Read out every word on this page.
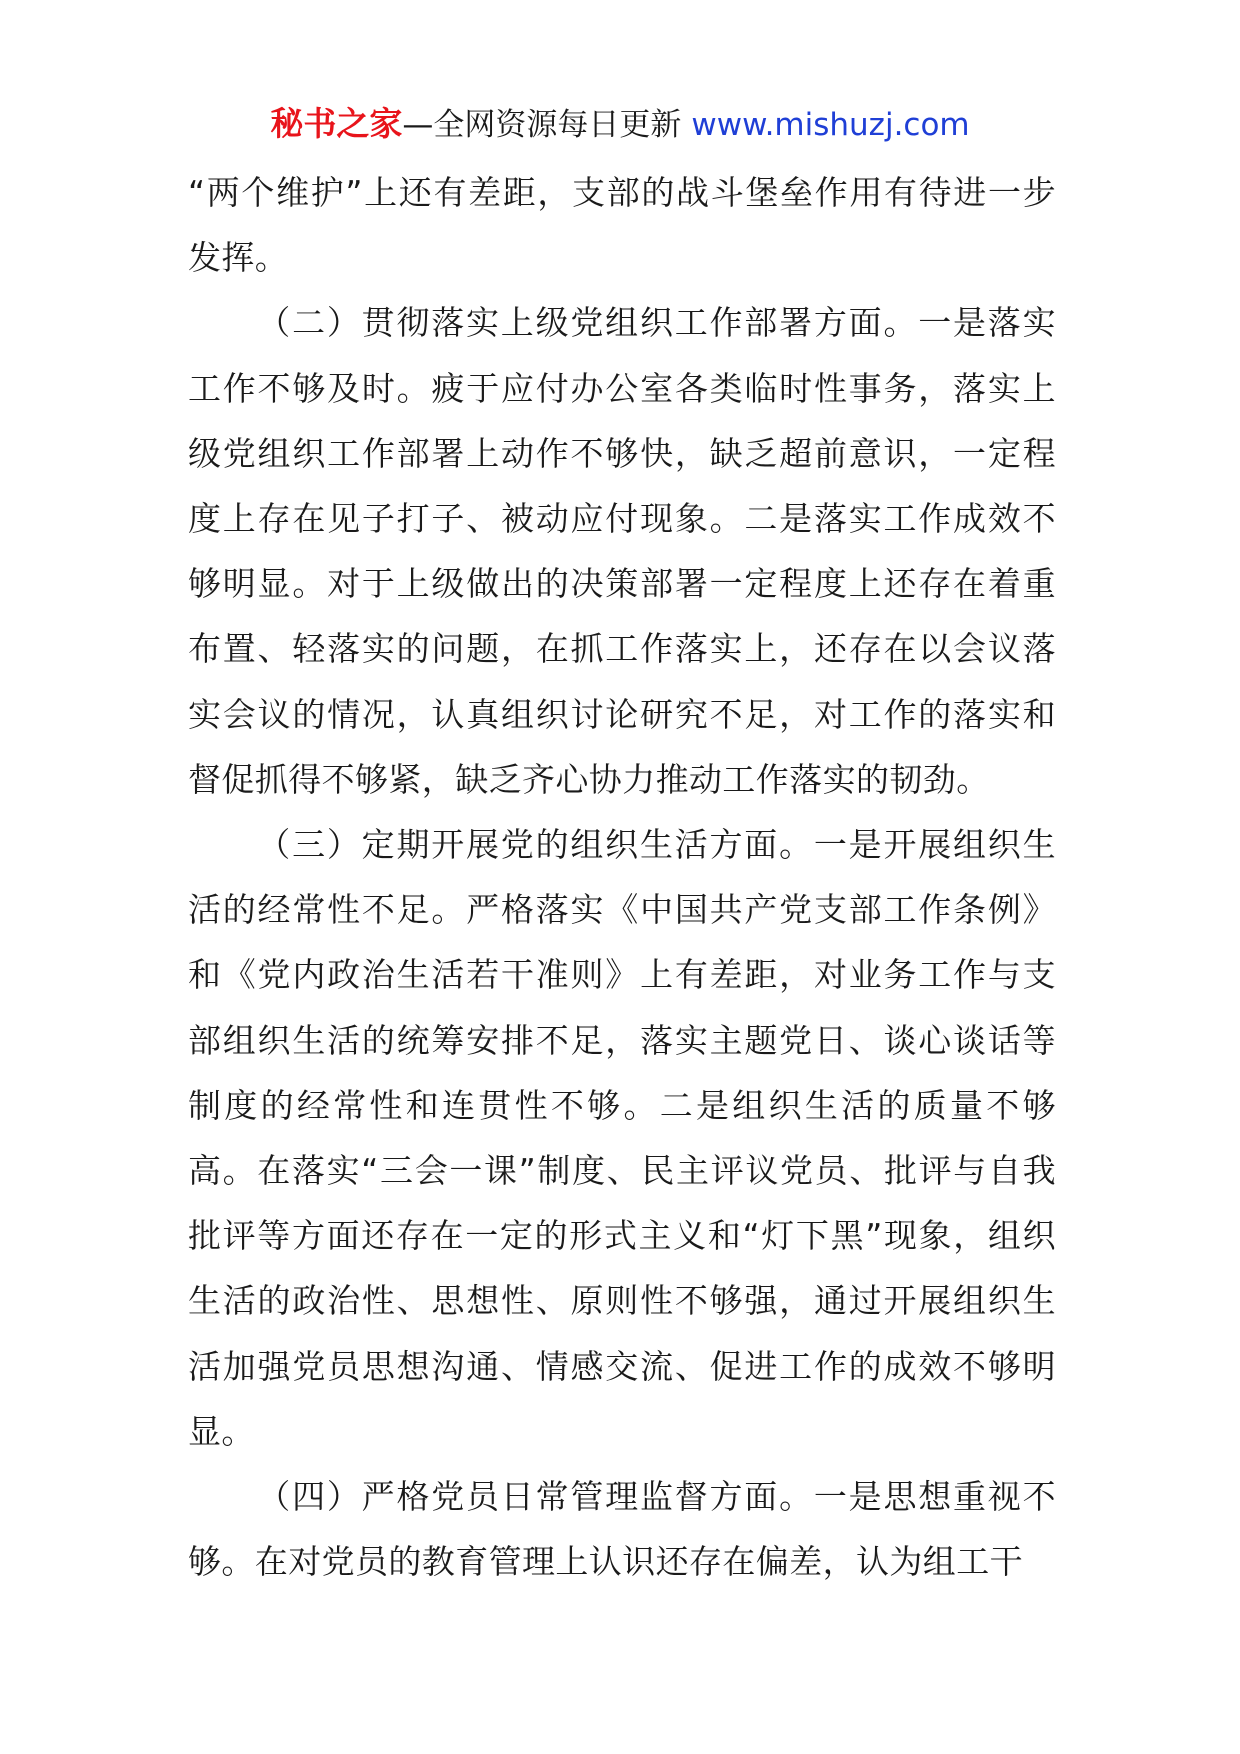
秘书之家—全网资源每日更新 www.mishuzj.com

“两个维护”上还有差距，支部的战斗堡垒作用有待进一步发挥。

（二）贯彻落实上级党组织工作部署方面。一是落实工作不够及时。疲于应付办公室各类临时性事务，落实上级党组织工作部署上动作不够快，缺乏超前意识，一定程度上存在见子打子、被动应付现象。二是落实工作成效不够明显。对于上级做出的决策部署一定程度上还存在着重布置、轻落实的问题，在抓工作落实上，还存在以会议落实会议的情况，认真组织讨论研究不足，对工作的落实和督促抓得不够紧，缺乏齐心协力推动工作落实的韧劲。

（三）定期开展党的组织生活方面。一是开展组织生活的经常性不足。严格落实《中国共产党支部工作条例》和《党内政治生活若干准则》上有差距，对业务工作与支部组织生活的统筹安排不足，落实主题党日、谈心谈话等制度的经常性和连贯性不够。二是组织生活的质量不够高。在落实“三会一课”制度、民主评议党员、批评与自我批评等方面还存在一定的形式主义和“灯下黑”现象，组织生活的政治性、思想性、原则性不够强，通过开展组织生活加强党员思想沟通、情感交流、促进工作的成效不够明显。

（四）严格党员日常管理监督方面。一是思想重视不够。在对党员的教育管理上认识还存在偏差，认为组工干
